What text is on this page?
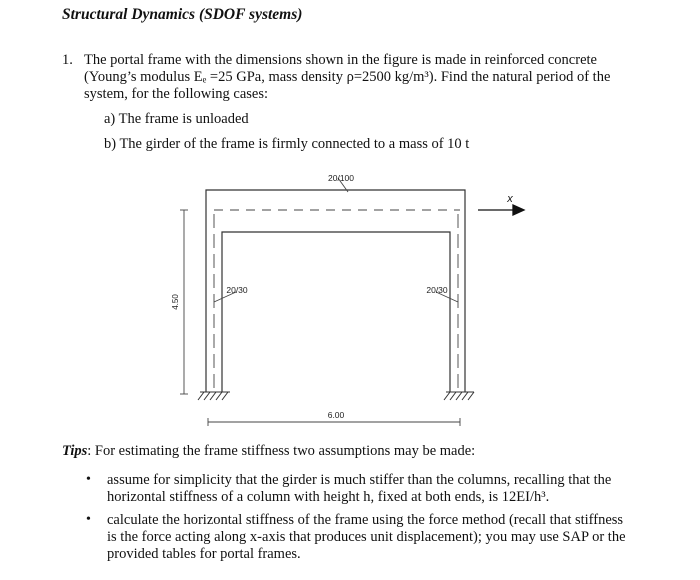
Structural Dynamics (SDOF systems)
1. The portal frame with the dimensions shown in the figure is made in reinforced concrete
(Young’s modulus Eₑ =25 GPa, mass density ρ=2500 kg/m³). Find the natural period of the
system, for the following cases:
a) The frame is unloaded
b) The girder of the frame is firmly connected to a mass of 10 t
20/100
20/30	20/30
4.50
6.00
x
Tips: For estimating the frame stiffness two assumptions may be made:
• assume for simplicity that the girder is much stiffer than the columns, recalling that the
horizontal stiffness of a column with height h, fixed at both ends, is 12EI/h³.
• calculate the horizontal stiffness of the frame using the force method (recall that stiffness
is the force acting along x-axis that produces unit displacement); you may use SAP or the
provided tables for portal frames.
